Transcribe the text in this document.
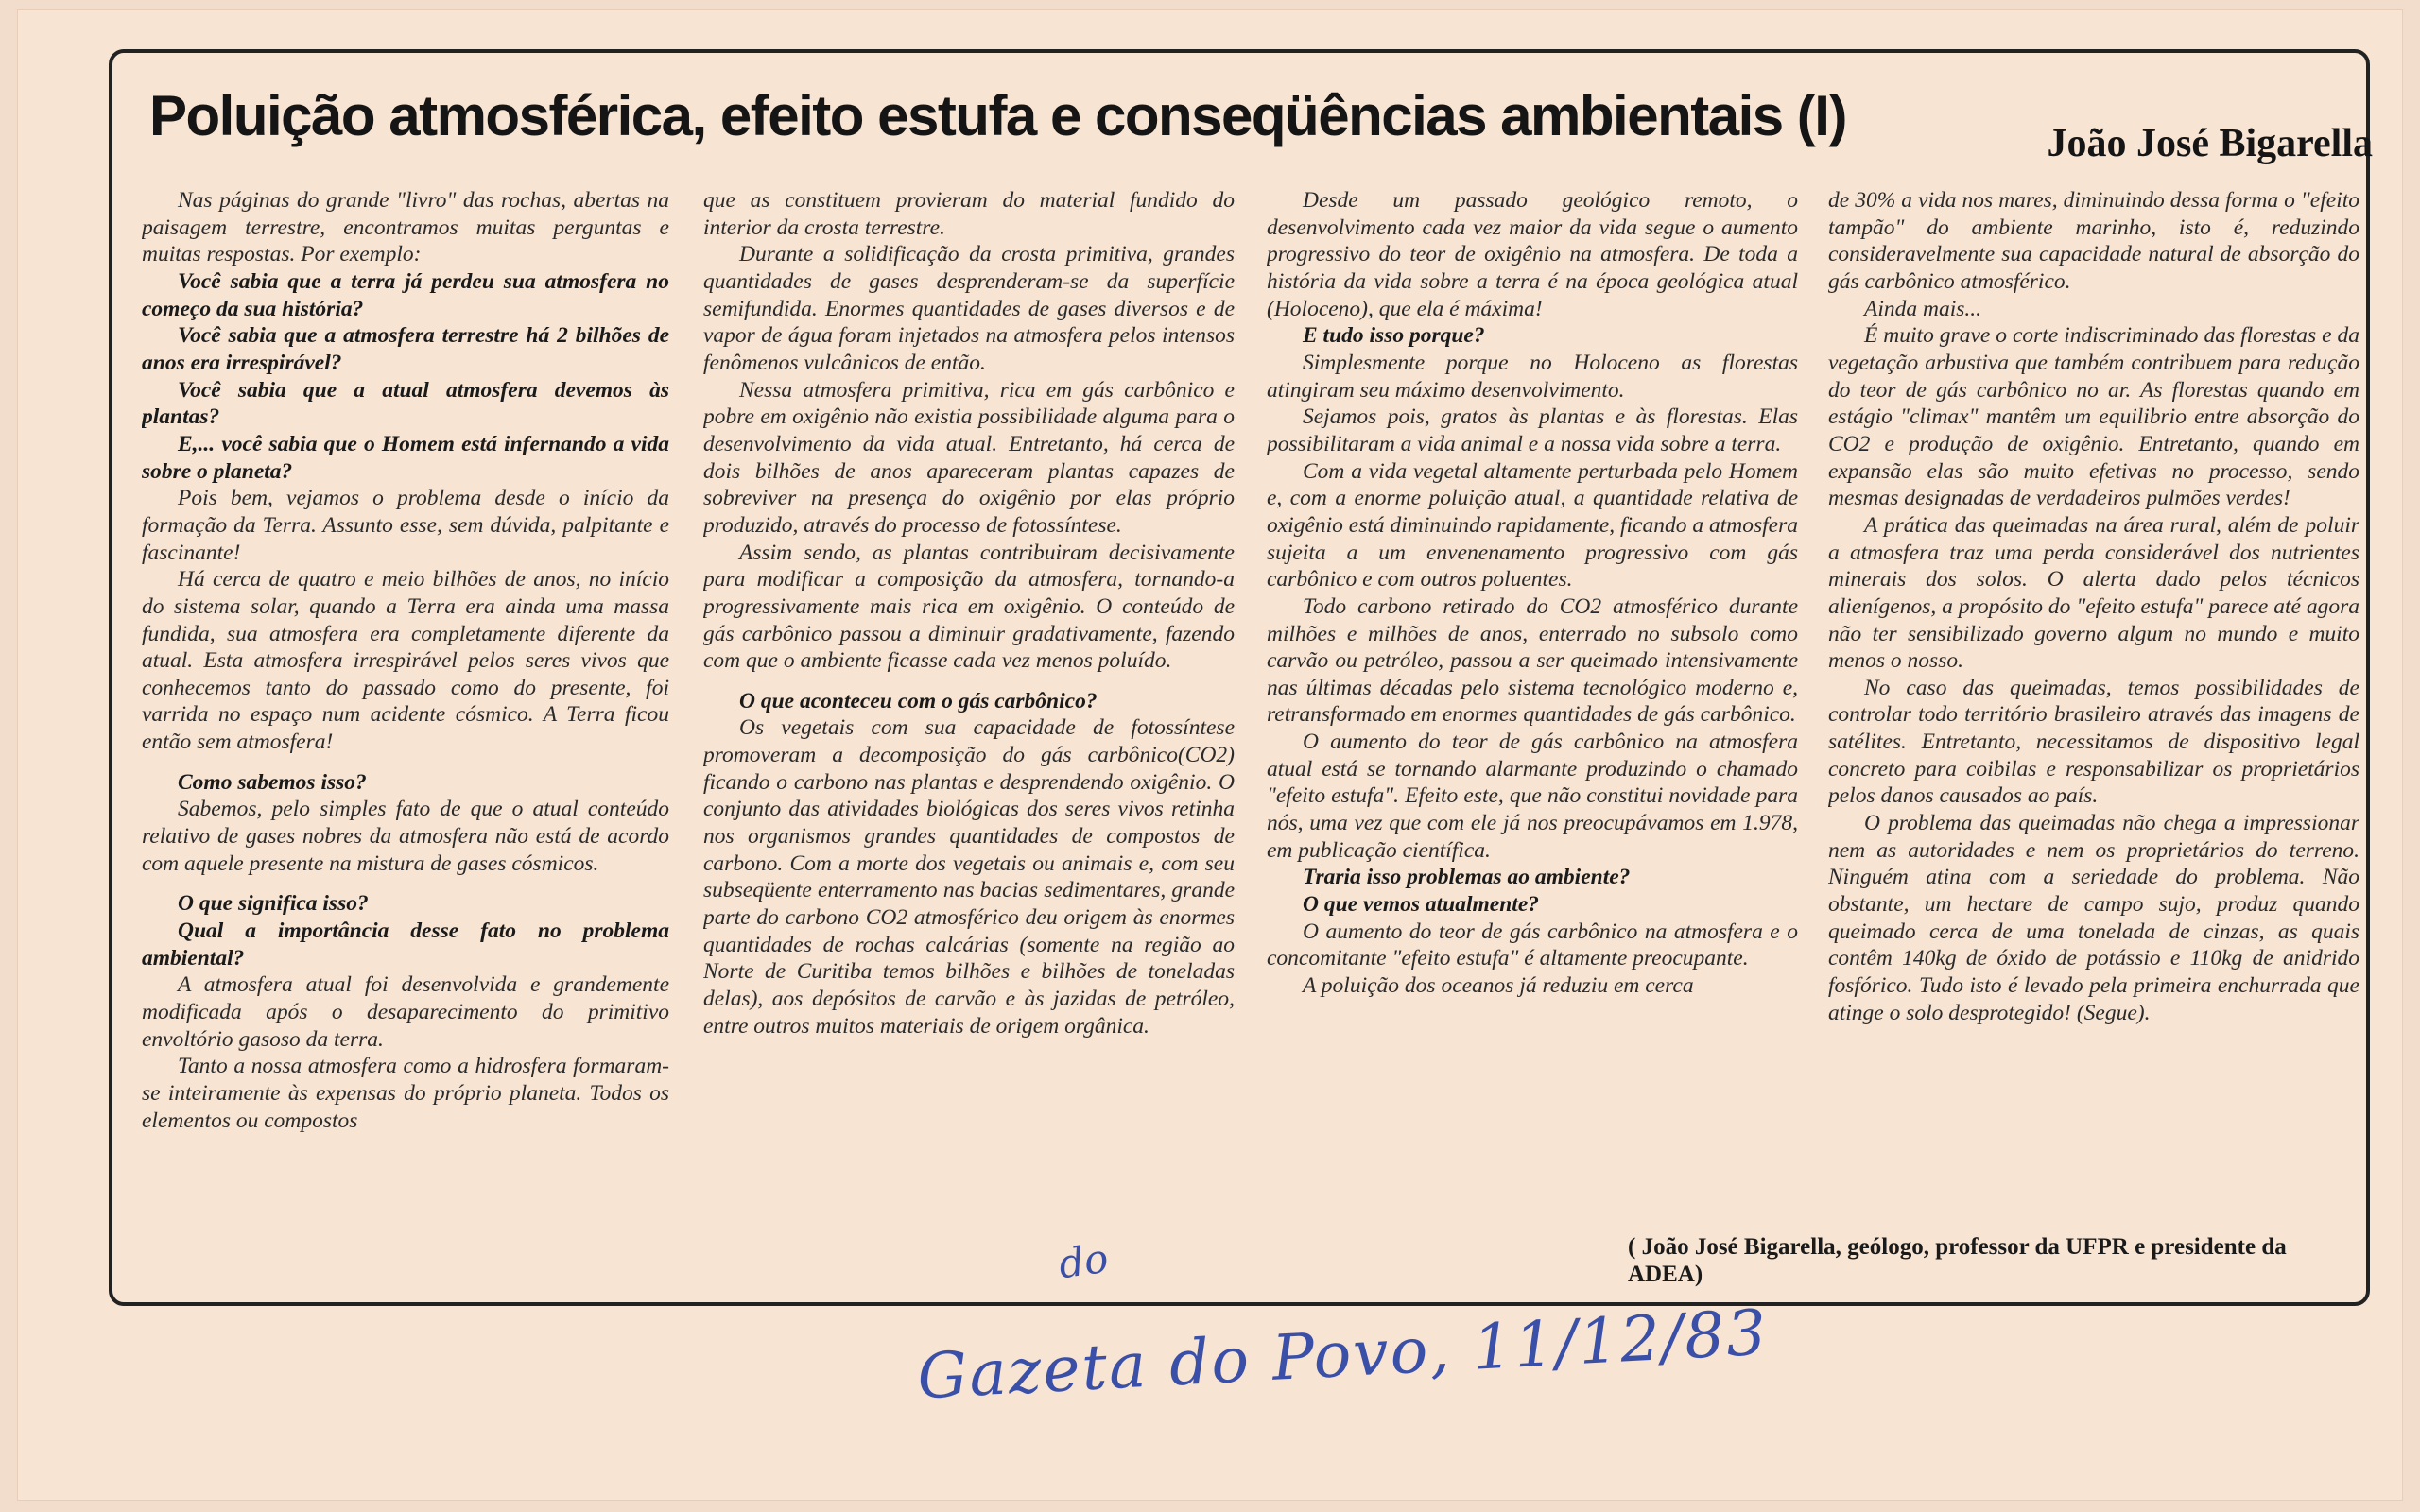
Poluição atmosférica, efeito estufa e conseqüências ambientais (I)	João José Bigarella

Nas páginas do grande "livro" das rochas, abertas na paisagem terrestre, encontramos muitas perguntas e muitas respostas. Por exemplo:

Você sabia que a terra já perdeu sua atmosfera no começo da sua história?

Você sabia que a atmosfera terrestre há 2 bilhões de anos era irrespirável?

Você sabia que a atual atmosfera devemos às plantas?

E,... você sabia que o Homem está infernando a vida sobre o planeta?

Pois bem, vejamos o problema desde o início da formação da Terra. Assunto esse, sem dúvida, palpitante e fascinante!

Há cerca de quatro e meio bilhões de anos, no início do sistema solar, quando a Terra era ainda uma massa fundida, sua atmosfera era completamente diferente da atual. Esta atmosfera irrespirável pelos seres vivos que conhecemos tanto do passado como do presente, foi varrida no espaço num acidente cósmico. A Terra ficou então sem atmosfera!

Como sabemos isso?

Sabemos, pelo simples fato de que o atual conteúdo relativo de gases nobres da atmosfera não está de acordo com aquele presente na mistura de gases cósmicos.

O que significa isso?

Qual a importância desse fato no problema ambiental?

A atmosfera atual foi desenvolvida e grandemente modificada após o desaparecimento do primitivo envoltório gasoso da terra.

Tanto a nossa atmosfera como a hidrosfera formaram-se inteiramente às expensas do próprio planeta. Todos os elementos ou compostos

que as constituem provieram do material fundido do interior da crosta terrestre.

Durante a solidificação da crosta primitiva, grandes quantidades de gases desprenderam-se da superfície semifundida. Enormes quantidades de gases diversos e de vapor de água foram injetados na atmosfera pelos intensos fenômenos vulcânicos de então.

Nessa atmosfera primitiva, rica em gás carbônico e pobre em oxigênio não existia possibilidade alguma para o desenvolvimento da vida atual. Entretanto, há cerca de dois bilhões de anos apareceram plantas capazes de sobreviver na presença do oxigênio por elas próprio produzido, através do processo de fotossíntese.

Assim sendo, as plantas contribuiram decisivamente para modificar a composição da atmosfera, tornando-a progressivamente mais rica em oxigênio. O conteúdo de gás carbônico passou a diminuir gradativamente, fazendo com que o ambiente ficasse cada vez menos poluído.

O que aconteceu com o gás carbônico?

Os vegetais com sua capacidade de fotossíntese promoveram a decomposição do gás carbônico(CO2) ficando o carbono nas plantas e desprendendo oxigênio. O conjunto das atividades biológicas dos seres vivos retinha nos organismos grandes quantidades de compostos de carbono. Com a morte dos vegetais ou animais e, com seu subseqüente enterramento nas bacias sedimentares, grande parte do carbono CO2 atmosférico deu origem às enormes quantidades de rochas calcárias (somente na região ao Norte de Curitiba temos bilhões e bilhões de toneladas delas), aos depósitos de carvão e às jazidas de petróleo, entre outros muitos materiais de origem orgânica.

Desde um passado geológico remoto, o desenvolvimento cada vez maior da vida segue o aumento progressivo do teor de oxigênio na atmosfera. De toda a história da vida sobre a terra é na época geológica atual (Holoceno), que ela é máxima!

E tudo isso porque?

Simplesmente porque no Holoceno as florestas atingiram seu máximo desenvolvimento.

Sejamos pois, gratos às plantas e às florestas. Elas possibilitaram a vida animal e a nossa vida sobre a terra.

Com a vida vegetal altamente perturbada pelo Homem e, com a enorme poluição atual, a quantidade relativa de oxigênio está diminuindo rapidamente, ficando a atmosfera sujeita a um envenenamento progressivo com gás carbônico e com outros poluentes.

Todo carbono retirado do CO2 atmosférico durante milhões e milhões de anos, enterrado no subsolo como carvão ou petróleo, passou a ser queimado intensivamente nas últimas décadas pelo sistema tecnológico moderno e, retransformado em enormes quantidades de gás carbônico.

O aumento do teor de gás carbônico na atmosfera atual está se tornando alarmante produzindo o chamado "efeito estufa". Efeito este, que não constitui novidade para nós, uma vez que com ele já nos preocupávamos em 1.978, em publicação científica.

Traria isso problemas ao ambiente?

O que vemos atualmente?

O aumento do teor de gás carbônico na atmosfera e o concomitante "efeito estufa" é altamente preocupante.

A poluição dos oceanos já reduziu em cerca

de 30% a vida nos mares, diminuindo dessa forma o "efeito tampão" do ambiente marinho, isto é, reduzindo consideravelmente sua capacidade natural de absorção do gás carbônico atmosférico.

Ainda mais...

É muito grave o corte indiscriminado das florestas e da vegetação arbustiva que também contribuem para redução do teor de gás carbônico no ar. As florestas quando em estágio "climax" mantêm um equilibrio entre absorção do CO2 e produção de oxigênio. Entretanto, quando em expansão elas são muito efetivas no processo, sendo mesmas designadas de verdadeiros pulmões verdes!

A prática das queimadas na área rural, além de poluir a atmosfera traz uma perda considerável dos nutrientes minerais dos solos. O alerta dado pelos técnicos alienígenos, a propósito do "efeito estufa" parece até agora não ter sensibilizado governo algum no mundo e muito menos o nosso.

No caso das queimadas, temos possibilidades de controlar todo território brasileiro através das imagens de satélites. Entretanto, necessitamos de dispositivo legal concreto para coibilas e responsabilizar os proprietários pelos danos causados ao país.

O problema das queimadas não chega a impressionar nem as autoridades e nem os proprietários do terreno. Ninguém atina com a seriedade do problema. Não obstante, um hectare de campo sujo, produz quando queimado cerca de uma tonelada de cinzas, as quais contêm 140kg de óxido de potássio e 110kg de anidrido fosfórico. Tudo isto é levado pela primeira enchurrada que atinge o solo desprotegido! (Segue).

( João José Bigarella, geólogo, professor da UFPR e presidente da ADEA)
do
Gazeta do Povo, 11/12/83
